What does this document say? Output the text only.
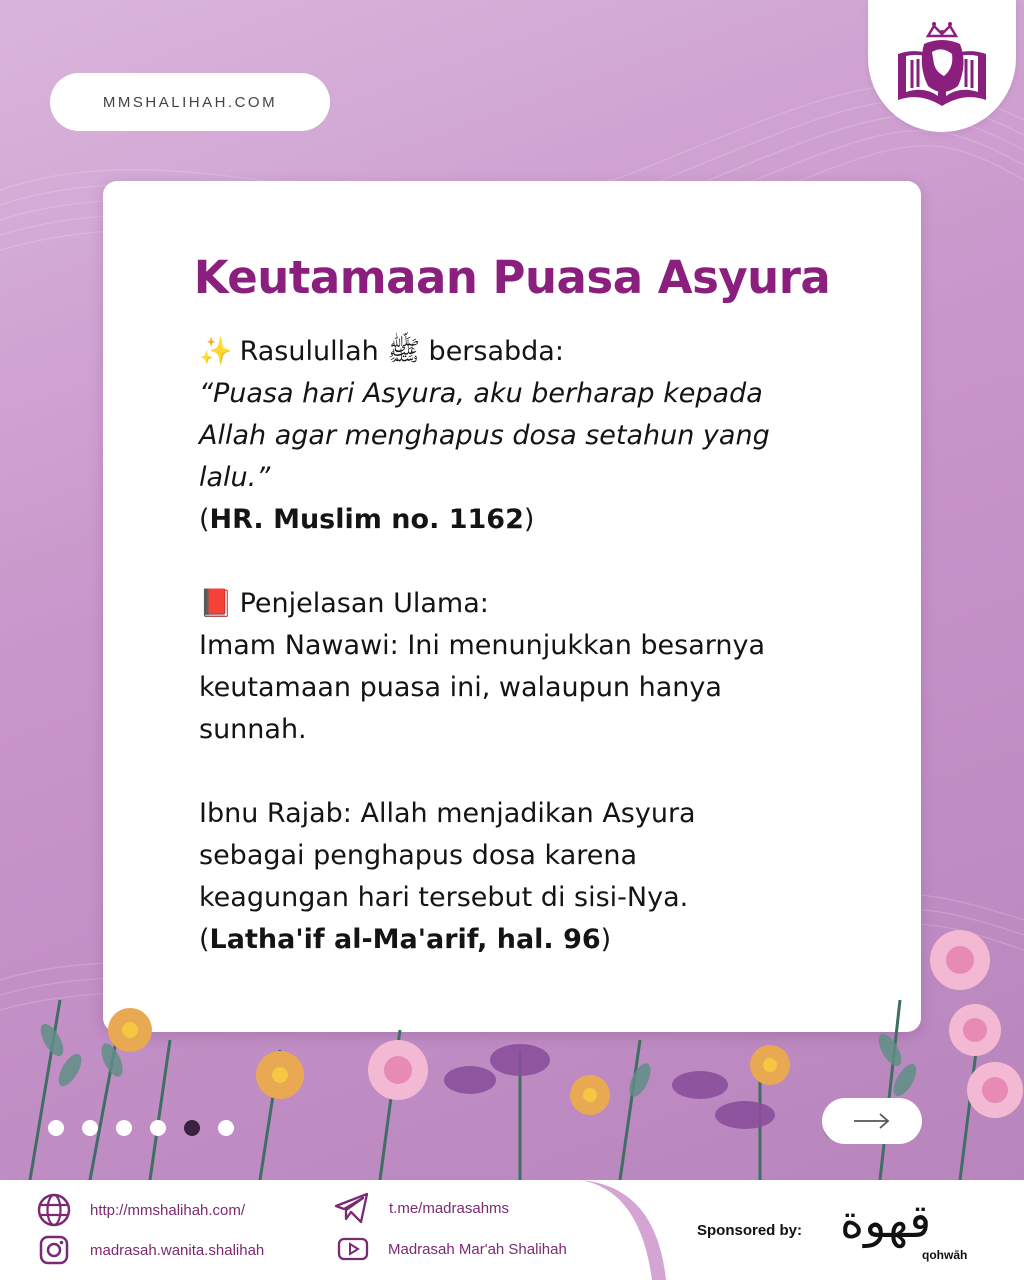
MMSHALIHAH.COM
Keutamaan Puasa Asyura

✨ Rasulullah ﷺ bersabda:

“Puasa hari Asyura, aku berharap kepada

Allah agar menghapus dosa setahun yang

lalu.”

(HR. Muslim no. 1162)

📕 Penjelasan Ulama:

Imam Nawawi: Ini menunjukkan besarnya

keutamaan puasa ini, walaupun hanya

sunnah.

Ibnu Rajab: Allah menjadikan Asyura

sebagai penghapus dosa karena

keagungan hari tersebut di sisi-Nya.

(Latha'if al-Ma'arif, hal. 96)

http://mmshalihah.com/
madrasah.wanita.shalihah
t.me/madrasahms
Madrasah Mar'ah Shalihah
Sponsored by: قهوة
qohwāh
